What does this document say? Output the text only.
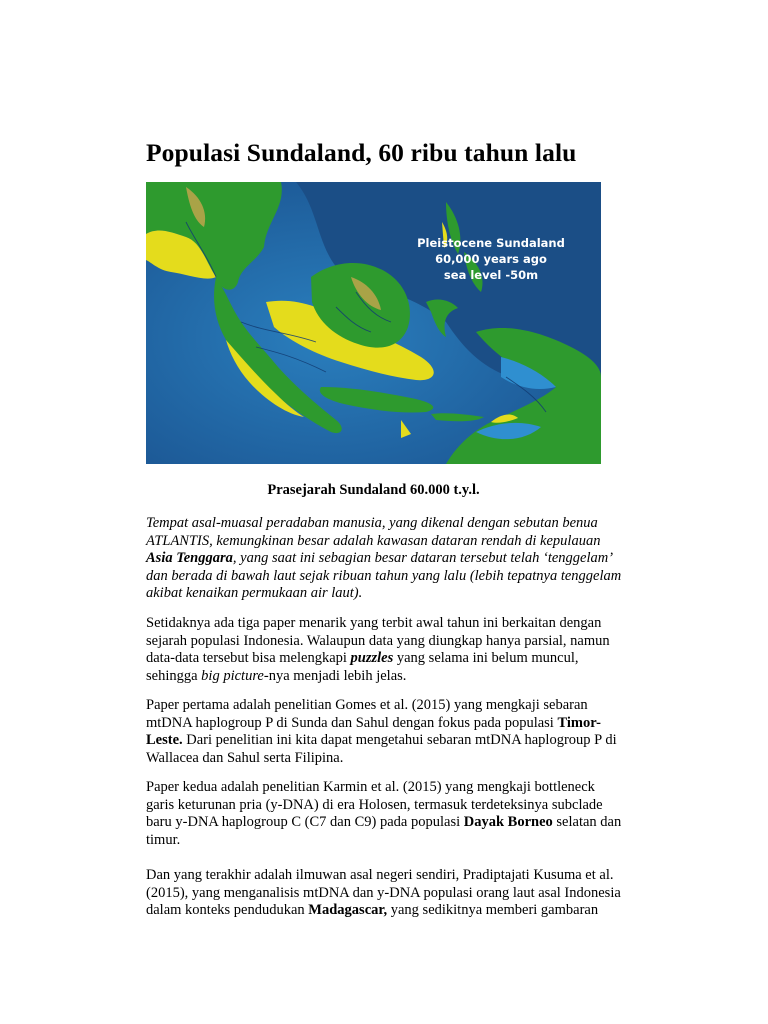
Populasi Sundaland, 60 ribu tahun lalu
Pleistocene Sundaland
60,000 years ago
sea level -50m
Prasejarah Sundaland 60.000 t.y.l.
Tempat asal-muasal peradaban manusia, yang dikenal dengan sebutan benua
ATLANTIS, kemungkinan besar adalah kawasan dataran rendah di kepulauan
Asia Tenggara, yang saat ini sebagian besar dataran tersebut telah ‘tenggelam’
dan berada di bawah laut sejak ribuan tahun yang lalu (lebih tepatnya tenggelam
akibat kenaikan permukaan air laut).
Setidaknya ada tiga paper menarik yang terbit awal tahun ini berkaitan dengan
sejarah populasi Indonesia. Walaupun data yang diungkap hanya parsial, namun
data-data tersebut bisa melengkapi puzzles yang selama ini belum muncul,
sehingga big picture-nya menjadi lebih jelas.
Paper pertama adalah penelitian Gomes et al. (2015) yang mengkaji sebaran
mtDNA haplogroup P di Sunda dan Sahul dengan fokus pada populasi Timor-
Leste. Dari penelitian ini kita dapat mengetahui sebaran mtDNA haplogroup P di
Wallacea dan Sahul serta Filipina.
Paper kedua adalah penelitian Karmin et al. (2015) yang mengkaji bottleneck
garis keturunan pria (y-DNA) di era Holosen, termasuk terdeteksinya subclade
baru y-DNA haplogroup C (C7 dan C9) pada populasi Dayak Borneo selatan dan
timur.
Dan yang terakhir adalah ilmuwan asal negeri sendiri, Pradiptajati Kusuma et al.
(2015), yang menganalisis mtDNA dan y-DNA populasi orang laut asal Indonesia
dalam konteks pendudukan Madagascar, yang sedikitnya memberi gambaran
